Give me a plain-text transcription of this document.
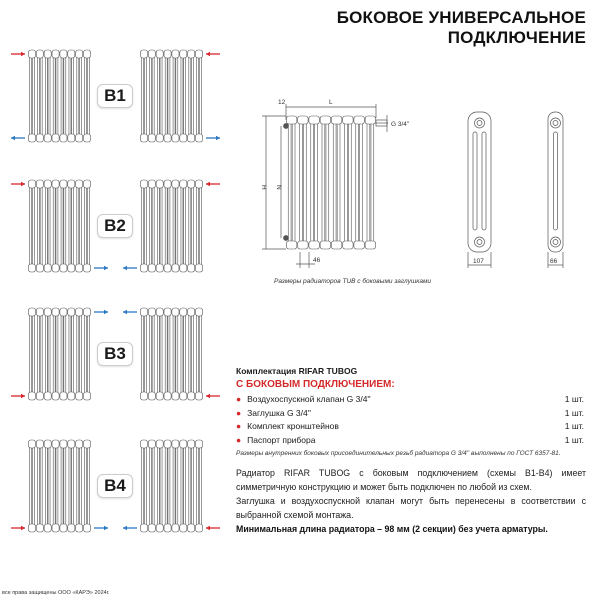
БОКОВОЕ УНИВЕРСАЛЬНОЕ
ПОДКЛЮЧЕНИЕ
B1
B2
B3
B4
12	L
H N
46
G 3/4''
107	66
Размеры радиаторов TUB с боковыми заглушками
Комплектация RIFAR TUBOG
С БОКОВЫМ ПОДКЛЮЧЕНИЕМ:
● Воздухоспускной клапан G 3/4''	1 шт.
● Заглушка G 3/4''	1 шт.
● Комплект кронштейнов	1 шт.
● Паспорт прибора	1 шт.
Размеры внутренних боковых присоединительных резьб радиатора G 3/4'' выполнены по ГОСТ 6357-81.

Радиатор RIFAR TUBOG с боковым подключением (схемы B1-B4) имеет симметричную конструкцию и может быть подключен по любой из схем.

Заглушка и воздухоспускной клапан могут быть перенесены в соответствии с выбранной схемой монтажа.

Минимальная длина радиатора – 98 мм (2 секции) без учета арматуры.

все права защищены ООО «КАРЭ» 2024г.
